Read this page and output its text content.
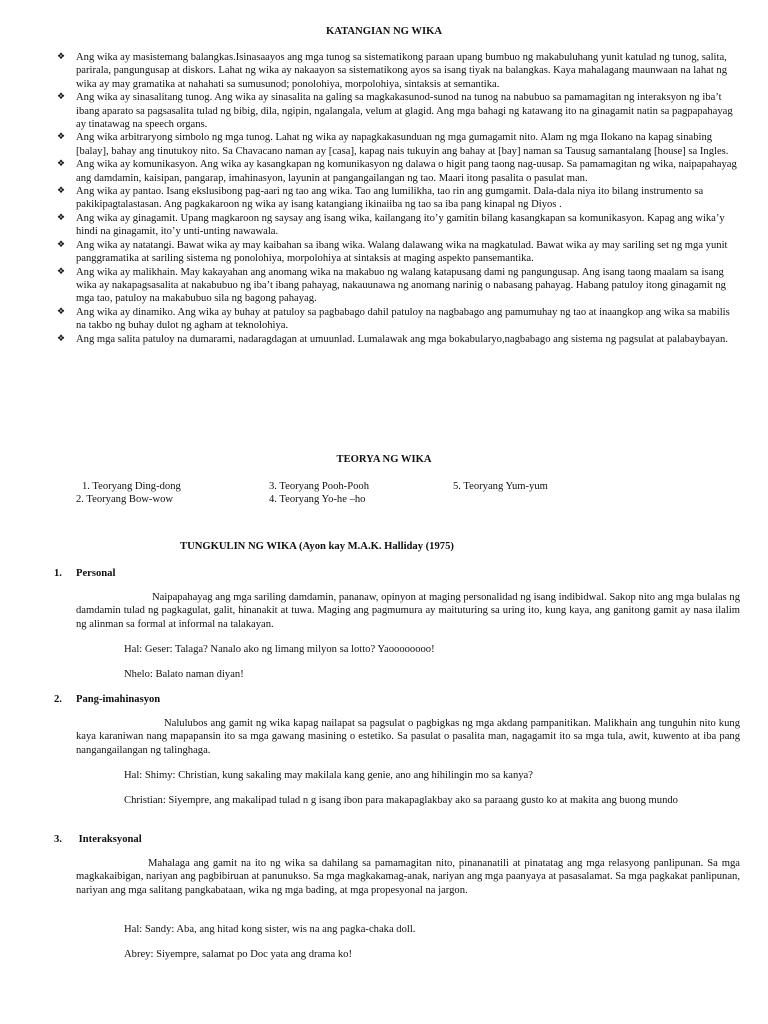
KATANGIAN NG WIKA
❖ Ang wika ay masistemang balangkas.Isinasaayos ang mga tunog sa sistematikong paraan upang bumbuo ng makabuluhang yunit katulad ng tunog, salita, parirala, pangungusap at diskors. Lahat ng wika ay nakaayon sa sistematikong ayos sa isang tiyak na balangkas. Kaya mahalagang maunwaan na lahat ng wika ay may gramatika at nahahati sa sumusunod; ponolohiya, morpolohiya, sintaksis at semantika.
❖ Ang wika ay sinasalitang tunog. Ang wika ay sinasalita na galing sa magkakasunod-sunod na tunog na nabubuo sa pamamagitan ng interaksyon ng iba’t ibang aparato sa pagsasalita tulad ng bibig, dila, ngipin, ngalangala, velum at glagid. Ang mga bahagi ng katawang ito na ginagamit natin sa pagpapahayag ay tinatawag na speech organs.
❖ Ang wika arbitraryong simbolo ng mga tunog. Lahat ng wika ay napagkakasunduan ng mga gumagamit nito. Alam ng mga Ilokano na kapag sinabing [balay], bahay ang tinutukoy nito. Sa Chavacano naman ay [casa], kapag nais tukuyin ang bahay at [bay] naman sa Tausug samantalang [house] sa Ingles.
❖ Ang wika ay komunikasyon. Ang wika ay kasangkapan ng komunikasyon ng dalawa o higit pang taong nag-uusap. Sa pamamagitan ng wika, naipapahayag ang damdamin, kaisipan, pangarap, imahinasyon, layunin at pangangailangan ng tao. Maari itong pasalita o pasulat man.
❖ Ang wika ay pantao. Isang ekslusibong pag-aari ng tao ang wika. Tao ang lumilikha, tao rin ang gumgamit. Dala-dala niya ito bilang instrumento sa pakikipagtalastasan. Ang pagkakaroon ng wika ay isang katangiang ikinaiiba ng tao sa iba pang kinapal ng Diyos .
❖ Ang wika ay ginagamit. Upang magkaroon ng saysay ang isang wika, kailangang ito’y gamitin bilang kasangkapan sa komunikasyon. Kapag ang wika’y hindi na ginagamit, ito’y unti-unting nawawala.
❖ Ang wika ay natatangi. Bawat wika ay may kaibahan sa ibang wika. Walang dalawang wika na magkatulad. Bawat wika ay may sariling set ng mga yunit panggramatika at sariling sistema ng ponolohiya, morpolohiya at sintaksis at maging aspekto pansemantika.
❖ Ang wika ay malikhain. May kakayahan ang anomang wika na makabuo ng walang katapusang dami ng pangungusap. Ang isang taong maalam sa isang wika ay nakapagsasalita at nakabubuo ng iba’t ibang pahayag, nakauunawa ng anomang narinig o nabasang pahayag. Habang patuloy itong ginagamit ng mga tao, patuloy na makabubuo sila ng bagong pahayag.
❖ Ang wika ay dinamiko. Ang wika ay buhay at patuloy sa pagbabago dahil patuloy na nagbabago ang pamumuhay ng tao at inaangkop ang wika sa mabilis na takbo ng buhay dulot ng agham at teknolohiya.
❖ Ang mga salita patuloy na dumarami, nadaragdagan at umuunlad. Lumalawak ang mga bokabularyo,nagbabago ang sistema ng pagsulat at palabaybayan.
TEORYA NG WIKA
1. Teoryang Ding-dong	3. Teoryang Pooh-Pooh	5. Teoryang Yum-yum
2. Teoryang Bow-wow	4. Teoryang Yo-he –ho
TUNGKULIN NG WIKA (Ayon kay M.A.K. Halliday (1975)
1. Personal
Naipapahayag ang mga sariling damdamin, pananaw, opinyon at maging personalidad ng isang indibidwal. Sakop nito ang mga bulalas ng damdamin tulad ng pagkagulat, galit, hinanakit at tuwa. Maging ang pagmumura ay maituturing sa uring ito, kung kaya, ang ganitong gamit ay nasa ilalim ng alinman sa formal at informal na talakayan.
Hal: Geser: Talaga? Nanalo ako ng limang milyon sa lotto? Yaoooooooo!
Nhelo: Balato naman diyan!
2. Pang-imahinasyon
Nalulubos ang gamit ng wika kapag nailapat sa pagsulat o pagbigkas ng mga akdang pampanitikan. Malikhain ang tunguhin nito kung kaya karaniwan nang mapapansin ito sa mga gawang masining o estetiko. Sa pasulat o pasalita man, nagagamit ito sa mga tula, awit, kuwento at iba pang nangangailangan ng talinghaga.
Hal: Shimy: Christian, kung sakaling may makilala kang genie, ano ang hihilingin mo sa kanya?
Christian: Siyempre, ang makalipad tulad n g isang ibon para makapaglakbay ako sa paraang gusto ko at makita ang buong mundo
3. Interaksyonal
Mahalaga ang gamit na ito ng wika sa dahilang sa pamamagitan nito, pinananatili at pinatatag ang mga relasyong panlipunan. Sa mga magkakaibigan, nariyan ang pagbibiruan at panunukso. Sa mga magkakamag-anak, nariyan ang mga paanyaya at pasasalamat. Sa mga pagkakat panlipunan, nariyan ang mga salitang pangkabataan, wika ng mga bading, at mga propesyonal na jargon.
Hal: Sandy: Aba, ang hitad kong sister, wis na ang pagka-chaka doll.
Abrey: Siyempre, salamat po Doc yata ang drama ko!
